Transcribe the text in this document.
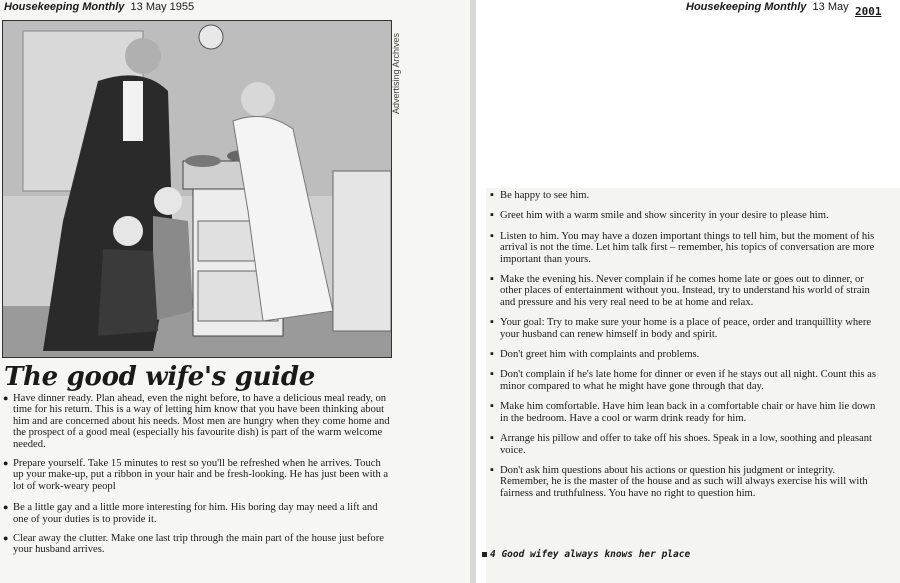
Housekeeping Monthly 13 May 1955	Housekeeping Monthly 13 May 2001
Advertising Archives
The good wife's guide
● Have dinner ready. Plan ahead, even the night before, to have a delicious meal ready, on time for his return. This is a way of letting him know that you have been thinking about him and are concerned about his needs. Most men are hungry when they come home and the prospect of a good meal (especially his favourite dish) is part of the warm welcome needed.
● Prepare yourself. Take 15 minutes to rest so you'll be refreshed when he arrives. Touch up your make-up, put a ribbon in your hair and be fresh-looking. He has just been with a lot of work-weary peopl
● Be a little gay and a little more interesting for him. His boring day may need a lift and one of your duties is to provide it.
● Clear away the clutter. Make one last trip through the main part of the house just before your husband arrives.
▪ Be happy to see him.
▪ Greet him with a warm smile and show sincerity in your desire to please him.
▪ Listen to him. You may have a dozen important things to tell him, but the moment of his arrival is not the time. Let him talk first – remember, his topics of conversation are more important than yours.
▪ Make the evening his. Never complain if he comes home late or goes out to dinner, or other places of entertainment without you. Instead, try to understand his world of strain and pressure and his very real need to be at home and relax.
▪ Your goal: Try to make sure your home is a place of peace, order and tranquillity where your husband can renew himself in body and spirit.
▪ Don't greet him with complaints and problems.
▪ Don't complain if he's late home for dinner or even if he stays out all night. Count this as minor compared to what he might have gone through that day.
▪ Make him comfortable. Have him lean back in a comfortable chair or have him lie down in the bedroom. Have a cool or warm drink ready for him.
▪ Arrange his pillow and offer to take off his shoes. Speak in a low, soothing and pleasant voice.
▪ Don't ask him questions about his actions or question his judgment or integrity. Remember, he is the master of the house and as such will always exercise his will with fairness and truthfulness. You have no right to question him.
4 Good wifey always knows her place
